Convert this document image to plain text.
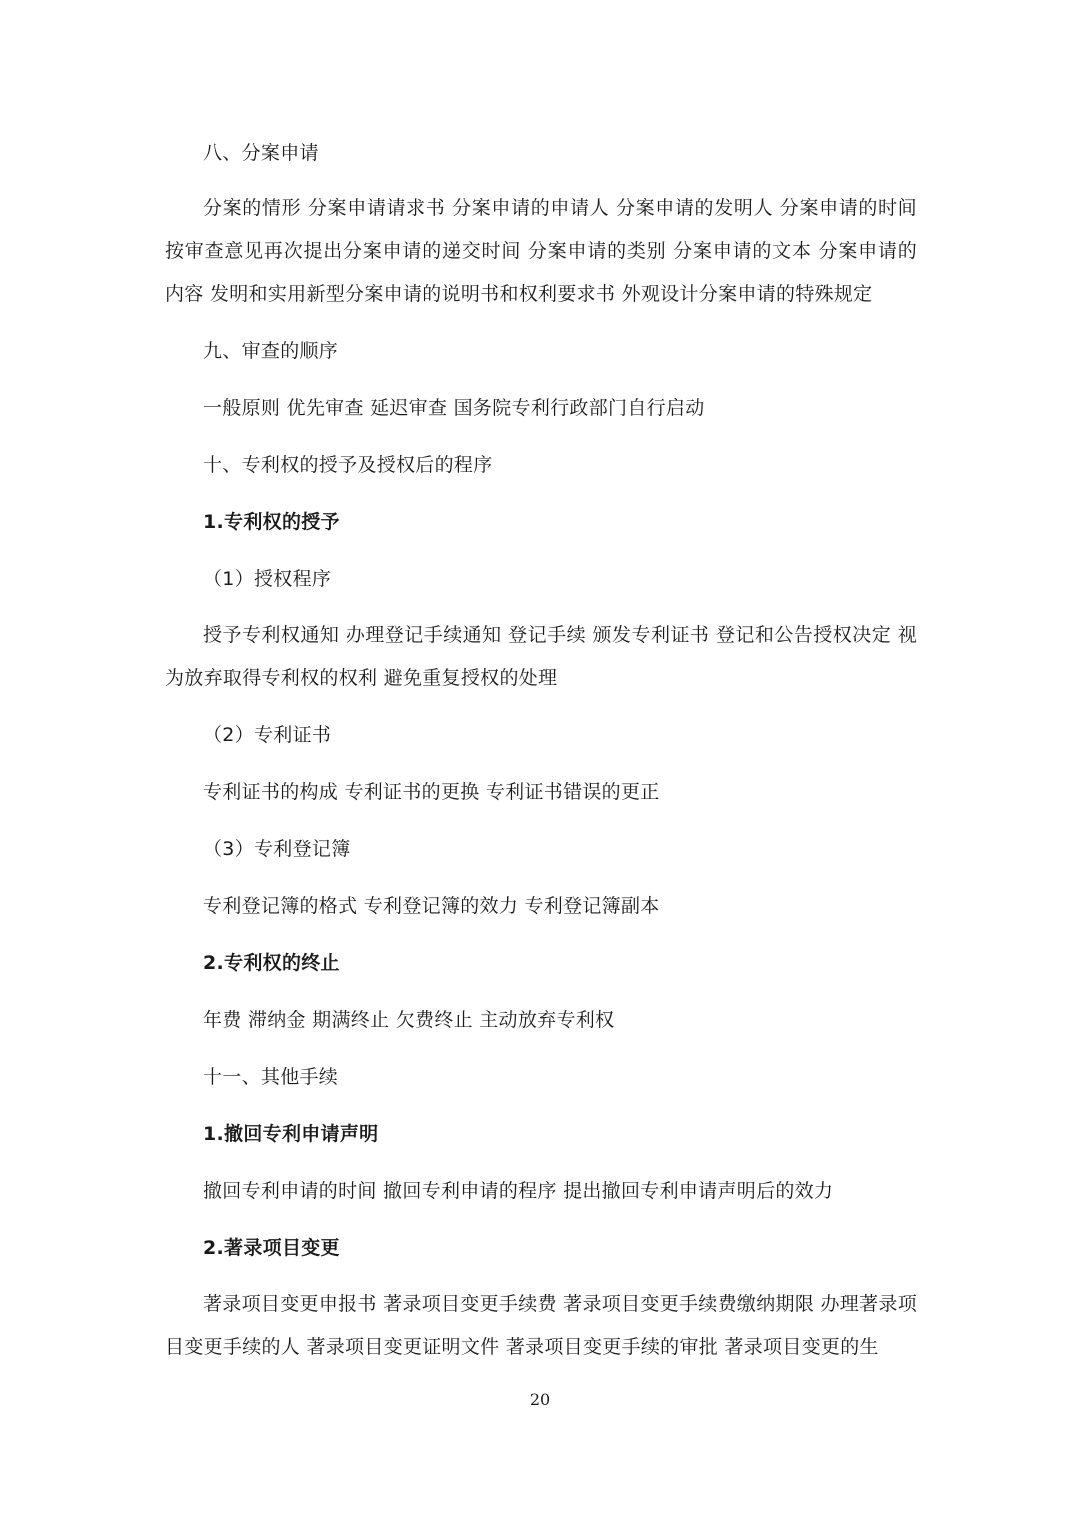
八、分案申请
分案的情形 分案申请请求书 分案申请的申请人 分案申请的发明人 分案申请的时间 按审查意见再次提出分案申请的递交时间 分案申请的类别 分案申请的文本 分案申请的内容 发明和实用新型分案申请的说明书和权利要求书 外观设计分案申请的特殊规定
九、审查的顺序
一般原则 优先审查 延迟审查 国务院专利行政部门自行启动
十、专利权的授予及授权后的程序
1.专利权的授予
（1）授权程序
授予专利权通知 办理登记手续通知 登记手续 颁发专利证书 登记和公告授权决定 视为放弃取得专利权的权利 避免重复授权的处理
（2）专利证书
专利证书的构成 专利证书的更换 专利证书错误的更正
（3）专利登记簿
专利登记簿的格式 专利登记簿的效力 专利登记簿副本
2.专利权的终止
年费 滞纳金 期满终止 欠费终止 主动放弃专利权
十一、其他手续
1.撤回专利申请声明
撤回专利申请的时间 撤回专利申请的程序 提出撤回专利申请声明后的效力
2.著录项目变更
著录项目变更申报书 著录项目变更手续费 著录项目变更手续费缴纳期限 办理著录项目变更手续的人 著录项目变更证明文件 著录项目变更手续的审批 著录项目变更的生
20
